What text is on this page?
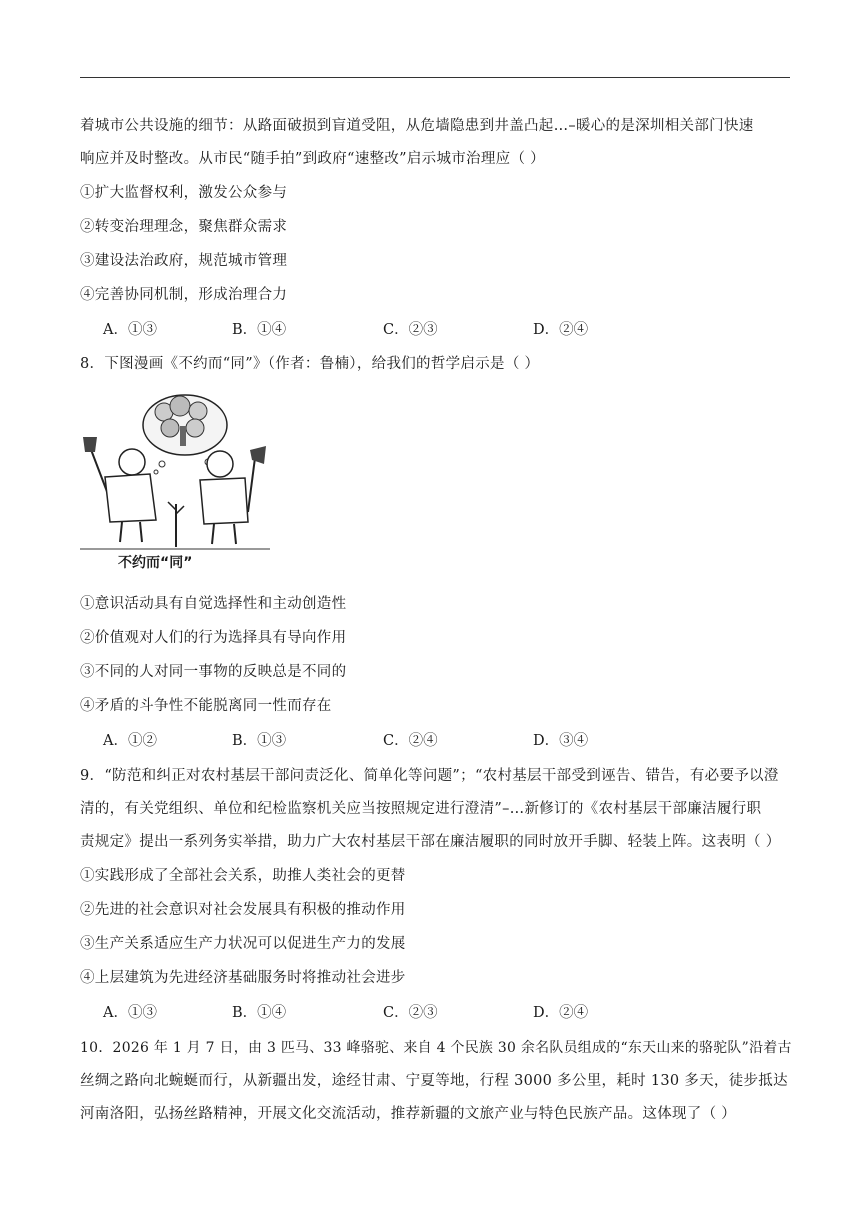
着城市公共设施的细节：从路面破损到盲道受阻，从危墙隐患到井盖凸起…–暖心的是深圳相关部门快速
响应并及时整改。从市民“随手拍”到政府“速整改”启示城市治理应（ ）
①扩大监督权利，激发公众参与
②转变治理理念，聚焦群众需求
③建设法治政府，规范城市管理
④完善协同机制，形成治理合力
A．①③	B．①④	C．②③	D．②④
8．下图漫画《不约而“同”》（作者：鲁楠），给我们的哲学启示是（ ）
不约而“同”
①意识活动具有自觉选择性和主动创造性
②价值观对人们的行为选择具有导向作用
③不同的人对同一事物的反映总是不同的
④矛盾的斗争性不能脱离同一性而存在
A．①②	B．①③	C．②④	D．③④
9．“防范和纠正对农村基层干部问责泛化、简单化等问题”；“农村基层干部受到诬告、错告，有必要予以澄
清的，有关党组织、单位和纪检监察机关应当按照规定进行澄清”–…新修订的《农村基层干部廉洁履行职
责规定》提出一系列务实举措，助力广大农村基层干部在廉洁履职的同时放开手脚、轻装上阵。这表明（ ）
①实践形成了全部社会关系，助推人类社会的更替
②先进的社会意识对社会发展具有积极的推动作用
③生产关系适应生产力状况可以促进生产力的发展
④上层建筑为先进经济基础服务时将推动社会进步
A．①③	B．①④	C．②③	D．②④
10．2026 年 1 月 7 日，由 3 匹马、33 峰骆驼、来自 4 个民族 30 余名队员组成的“东天山来的骆驼队”沿着古
丝绸之路向北蜿蜒而行，从新疆出发，途经甘肃、宁夏等地，行程 3000 多公里，耗时 130 多天，徒步抵达
河南洛阳，弘扬丝路精神，开展文化交流活动，推荐新疆的文旅产业与特色民族产品。这体现了（ ）
